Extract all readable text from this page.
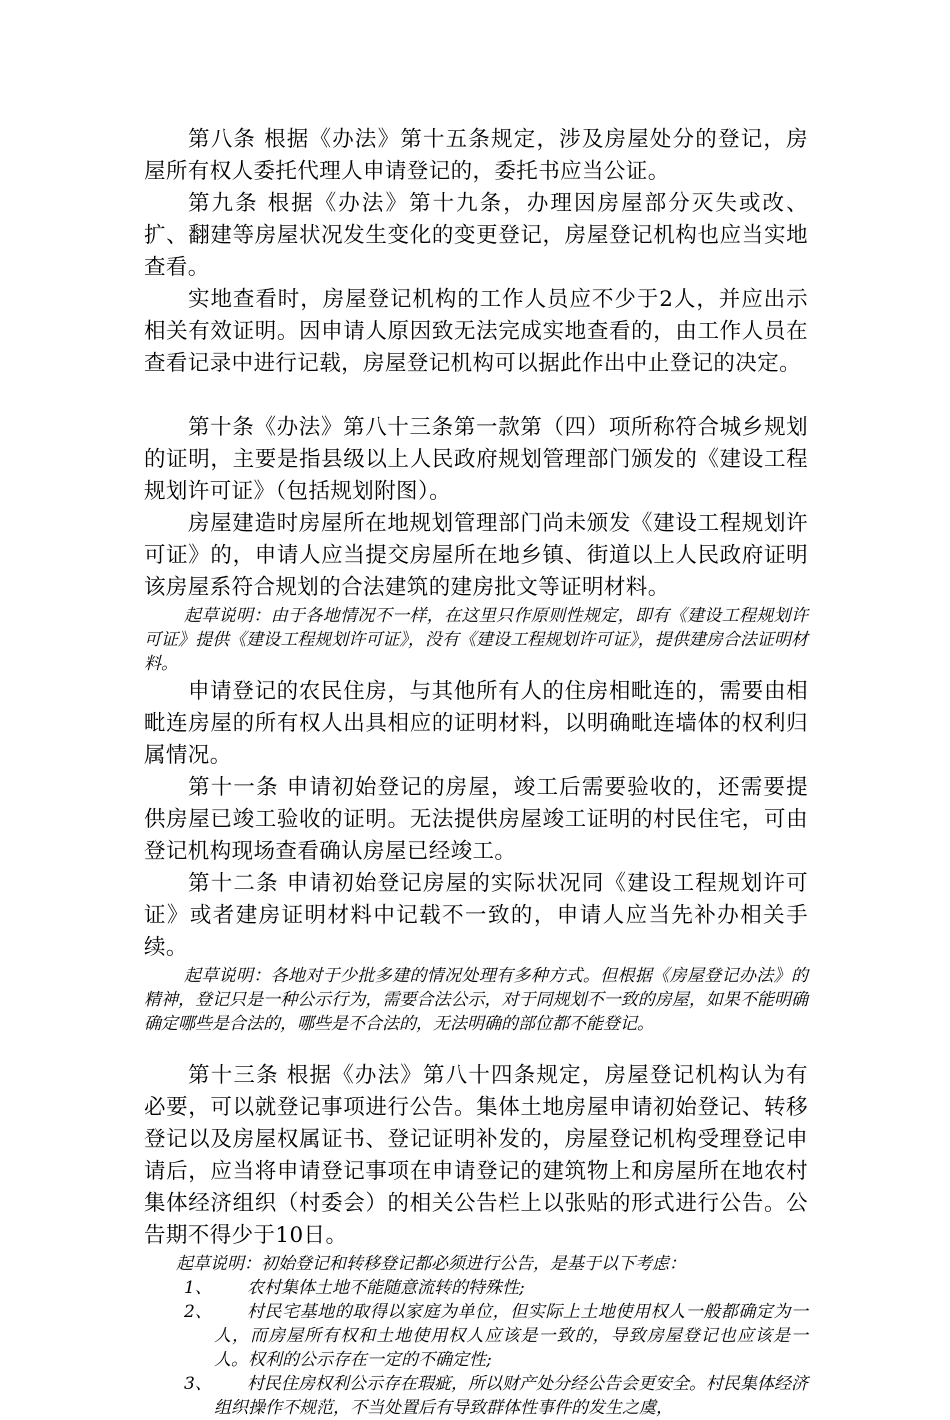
第八条 根据《办法》第十五条规定，涉及房屋处分的登记，房屋所有权人委托代理人申请登记的，委托书应当公证。

第九条 根据《办法》第十九条，办理因房屋部分灭失或改、扩、翻建等房屋状况发生变化的变更登记，房屋登记机构也应当实地查看。

实地查看时，房屋登记机构的工作人员应不少于2人，并应出示相关有效证明。因申请人原因致无法完成实地查看的，由工作人员在查看记录中进行记载，房屋登记机构可以据此作出中止登记的决定。

第十条《办法》第八十三条第一款第（四）项所称符合城乡规划的证明，主要是指县级以上人民政府规划管理部门颁发的《建设工程规划许可证》（包括规划附图）。

房屋建造时房屋所在地规划管理部门尚未颁发《建设工程规划许可证》的，申请人应当提交房屋所在地乡镇、街道以上人民政府证明该房屋系符合规划的合法建筑的建房批文等证明材料。

起草说明：由于各地情况不一样，在这里只作原则性规定，即有《建设工程规划许可证》提供《建设工程规划许可证》，没有《建设工程规划许可证》，提供建房合法证明材料。

申请登记的农民住房，与其他所有人的住房相毗连的，需要由相毗连房屋的所有权人出具相应的证明材料，以明确毗连墙体的权利归属情况。

第十一条 申请初始登记的房屋，竣工后需要验收的，还需要提供房屋已竣工验收的证明。无法提供房屋竣工证明的村民住宅，可由登记机构现场查看确认房屋已经竣工。

第十二条 申请初始登记房屋的实际状况同《建设工程规划许可证》或者建房证明材料中记载不一致的，申请人应当先补办相关手续。

起草说明：各地对于少批多建的情况处理有多种方式。但根据《房屋登记办法》的精神，登记只是一种公示行为，需要合法公示，对于同规划不一致的房屋，如果不能明确确定哪些是合法的，哪些是不合法的，无法明确的部位都不能登记。

第十三条 根据《办法》第八十四条规定，房屋登记机构认为有必要，可以就登记事项进行公告。集体土地房屋申请初始登记、转移登记以及房屋权属证书、登记证明补发的，房屋登记机构受理登记申请后，应当将申请登记事项在申请登记的建筑物上和房屋所在地农村集体经济组织（村委会）的相关公告栏上以张贴的形式进行公告。公告期不得少于10日。

起草说明：初始登记和转移登记都必须进行公告，是基于以下考虑：

1、	农村集体土地不能随意流转的特殊性;
2、	村民宅基地的取得以家庭为单位，但实际上土地使用权人一般都确定为一人，而房屋所有权和土地使用权人应该是一致的，导致房屋登记也应该是一人。权利的公示存在一定的不确定性;
3、	村民住房权利公示存在瑕疵，所以财产处分经公告会更安全。村民集体经济组织操作不规范，不当处置后有导致群体性事件的发生之虞，
